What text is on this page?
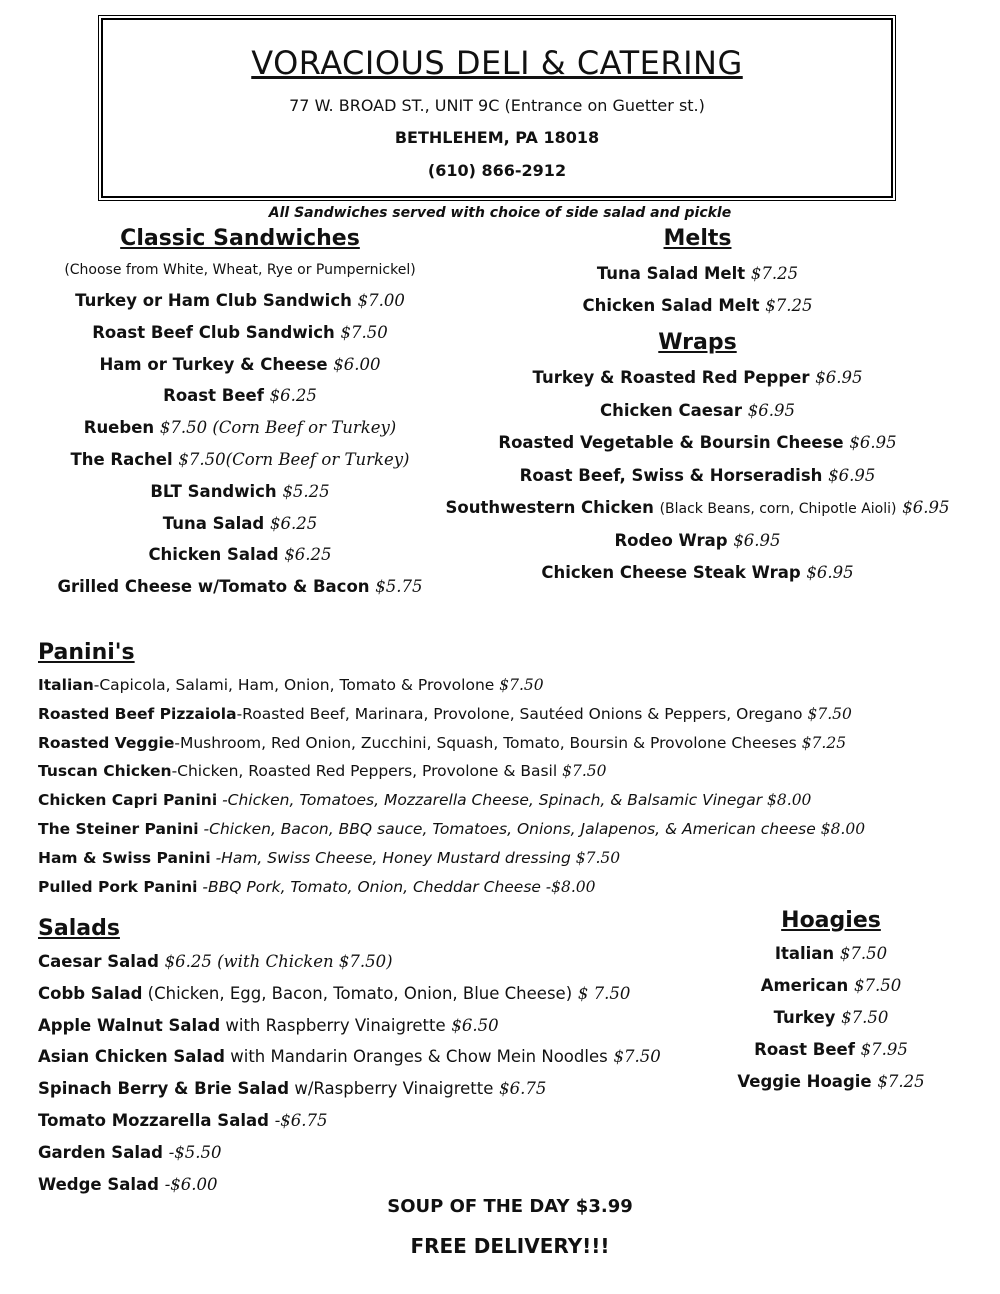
VORACIOUS DELI & CATERING
77 W. BROAD ST., UNIT 9C (Entrance on Guetter st.)
BETHLEHEM, PA 18018
(610) 866-2912
All Sandwiches served with choice of side salad and pickle
Classic Sandwiches
(Choose from White, Wheat, Rye or Pumpernickel)
Turkey or Ham Club Sandwich $7.00
Roast Beef Club Sandwich $7.50
Ham or Turkey & Cheese $6.00
Roast Beef $6.25
Rueben $7.50 (Corn Beef or Turkey)
The Rachel $7.50(Corn Beef or Turkey)
BLT Sandwich $5.25
Tuna Salad $6.25
Chicken Salad $6.25
Grilled Cheese w/Tomato & Bacon $5.75
Melts
Tuna Salad Melt $7.25
Chicken Salad Melt $7.25
Wraps
Turkey & Roasted Red Pepper $6.95
Chicken Caesar $6.95
Roasted Vegetable & Boursin Cheese $6.95
Roast Beef, Swiss & Horseradish $6.95
Southwestern Chicken (Black Beans, corn, Chipotle Aioli) $6.95
Rodeo Wrap $6.95
Chicken Cheese Steak Wrap $6.95
Panini's
Italian-Capicola, Salami, Ham, Onion, Tomato & Provolone $7.50
Roasted Beef Pizzaiola-Roasted Beef, Marinara, Provolone, Sautéed Onions & Peppers, Oregano $7.50
Roasted Veggie-Mushroom, Red Onion, Zucchini, Squash, Tomato, Boursin & Provolone Cheeses $7.25
Tuscan Chicken-Chicken, Roasted Red Peppers, Provolone & Basil $7.50
Chicken Capri Panini -Chicken, Tomatoes, Mozzarella Cheese, Spinach, & Balsamic Vinegar $8.00
The Steiner Panini -Chicken, Bacon, BBQ sauce, Tomatoes, Onions, Jalapenos, & American cheese $8.00
Ham & Swiss Panini -Ham, Swiss Cheese, Honey Mustard dressing $7.50
Pulled Pork Panini -BBQ Pork, Tomato, Onion, Cheddar Cheese -$8.00
Salads
Caesar Salad $6.25 (with Chicken $7.50)
Cobb Salad (Chicken, Egg, Bacon, Tomato, Onion, Blue Cheese) $ 7.50
Apple Walnut Salad with Raspberry Vinaigrette $6.50
Asian Chicken Salad with Mandarin Oranges & Chow Mein Noodles $7.50
Spinach Berry & Brie Salad w/Raspberry Vinaigrette $6.75
Tomato Mozzarella Salad -$6.75
Garden Salad -$5.50
Wedge Salad -$6.00
Hoagies
Italian $7.50
American $7.50
Turkey $7.50
Roast Beef $7.95
Veggie Hoagie $7.25
SOUP OF THE DAY $3.99
FREE DELIVERY!!!
